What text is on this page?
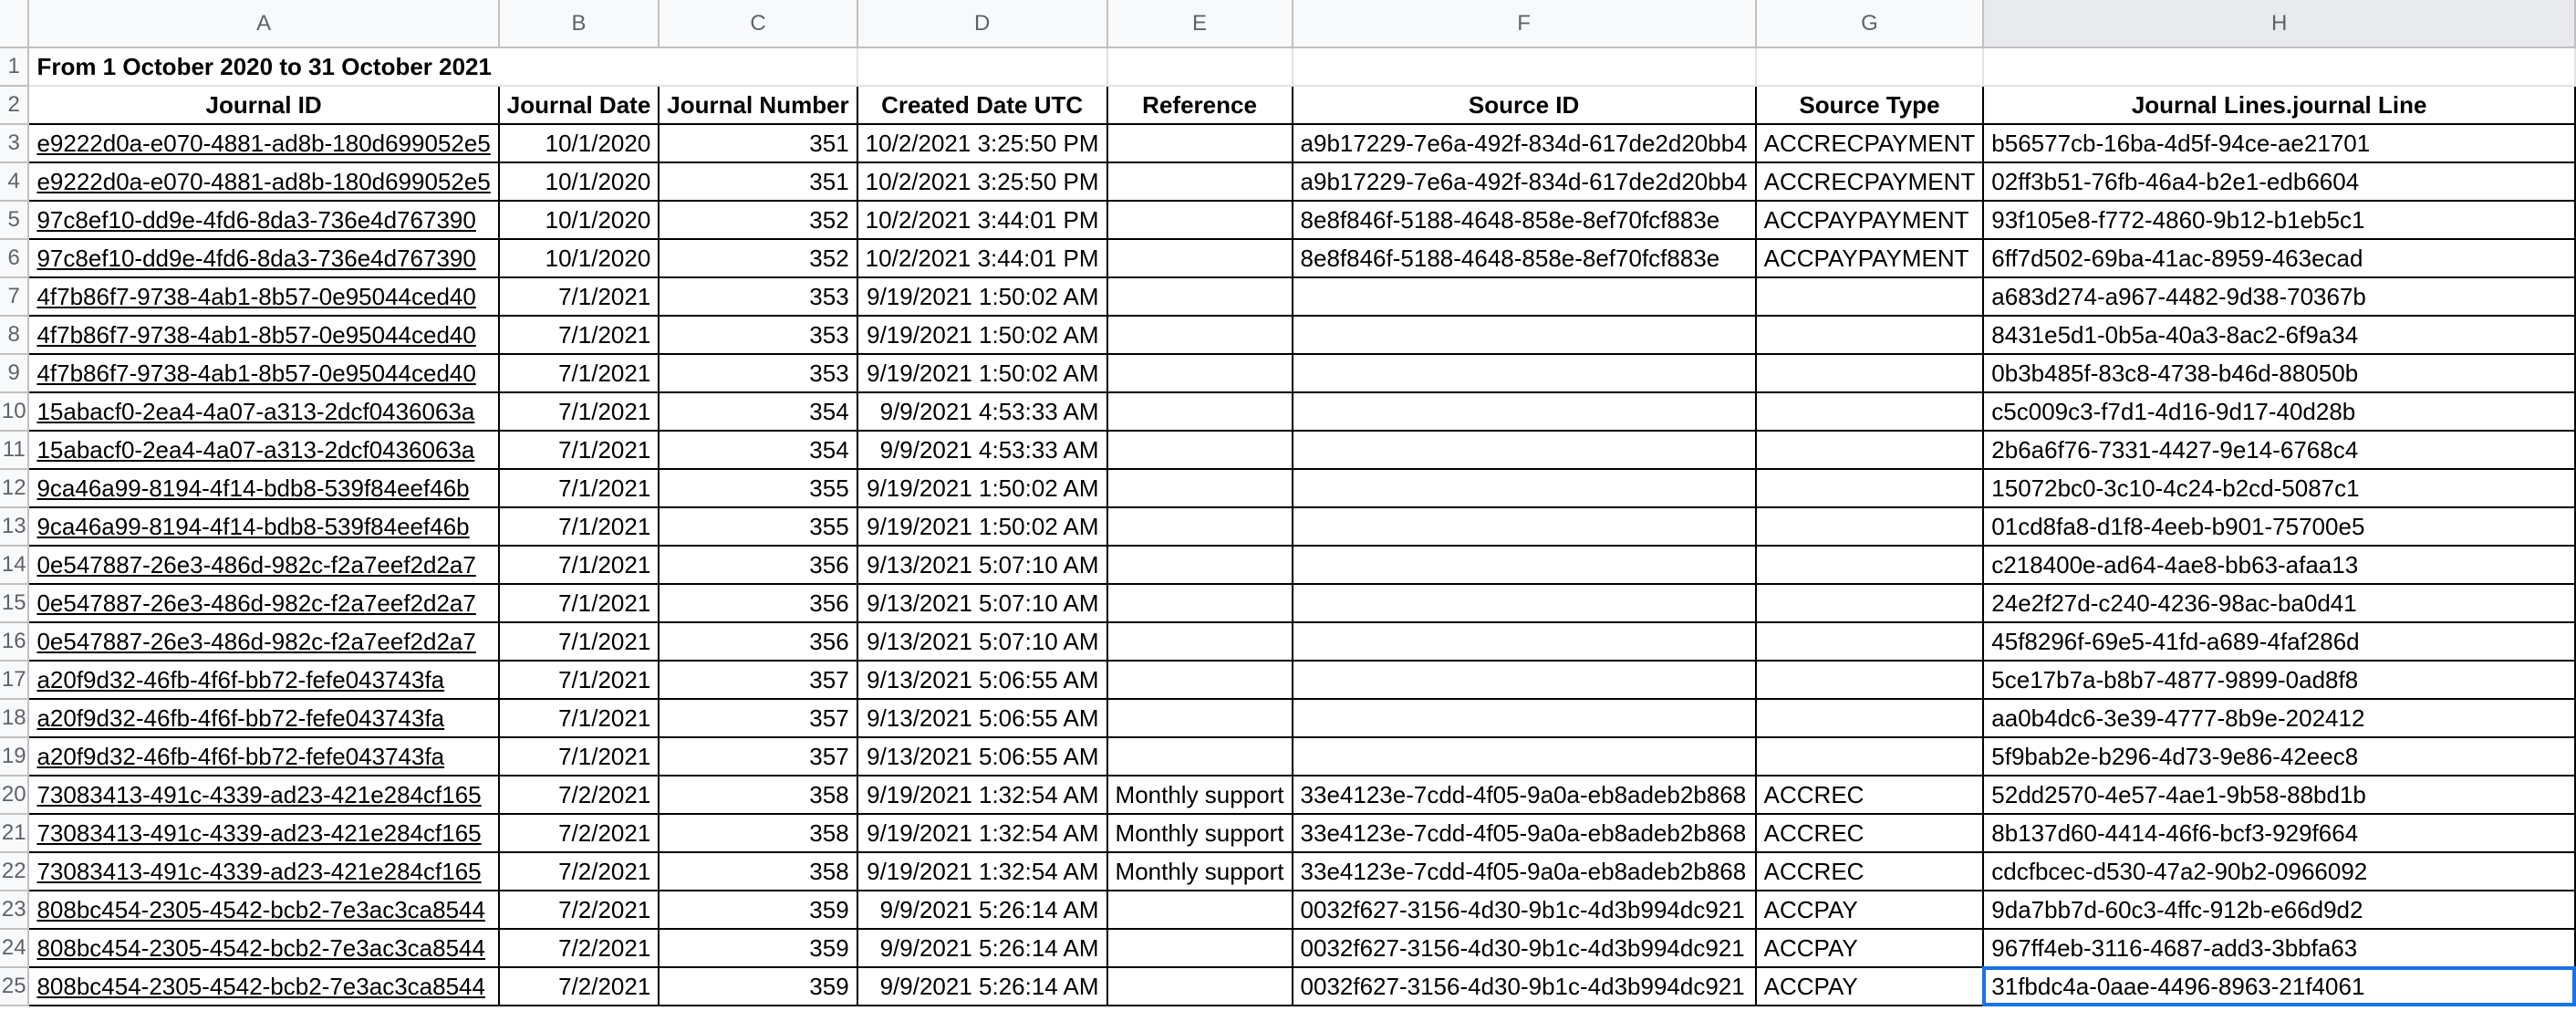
	A	B	C	D	E	F	G	H
1	From 1 October 2020 to 31 October 2021							
2	Journal ID	Journal Date	Journal Number	Created Date UTC	Reference	Source ID	Source Type	Journal Lines.journal Line
3	e9222d0a-e070-4881-ad8b-180d699052e5	10/1/2020	351	10/2/2021 3:25:50 PM		a9b17229-7e6a-492f-834d-617de2d20bb4	ACCRECPAYMENT	b56577cb-16ba-4d5f-94ce-ae21701
4	e9222d0a-e070-4881-ad8b-180d699052e5	10/1/2020	351	10/2/2021 3:25:50 PM		a9b17229-7e6a-492f-834d-617de2d20bb4	ACCRECPAYMENT	02ff3b51-76fb-46a4-b2e1-edb6604
5	97c8ef10-dd9e-4fd6-8da3-736e4d767390	10/1/2020	352	10/2/2021 3:44:01 PM		8e8f846f-5188-4648-858e-8ef70fcf883e	ACCPAYPAYMENT	93f105e8-f772-4860-9b12-b1eb5c1
6	97c8ef10-dd9e-4fd6-8da3-736e4d767390	10/1/2020	352	10/2/2021 3:44:01 PM		8e8f846f-5188-4648-858e-8ef70fcf883e	ACCPAYPAYMENT	6ff7d502-69ba-41ac-8959-463ecad
7	4f7b86f7-9738-4ab1-8b57-0e95044ced40	7/1/2021	353	9/19/2021 1:50:02 AM				a683d274-a967-4482-9d38-70367b
8	4f7b86f7-9738-4ab1-8b57-0e95044ced40	7/1/2021	353	9/19/2021 1:50:02 AM				8431e5d1-0b5a-40a3-8ac2-6f9a34
9	4f7b86f7-9738-4ab1-8b57-0e95044ced40	7/1/2021	353	9/19/2021 1:50:02 AM				0b3b485f-83c8-4738-b46d-88050b
10	15abacf0-2ea4-4a07-a313-2dcf0436063a	7/1/2021	354	9/9/2021 4:53:33 AM				c5c009c3-f7d1-4d16-9d17-40d28b
11	15abacf0-2ea4-4a07-a313-2dcf0436063a	7/1/2021	354	9/9/2021 4:53:33 AM				2b6a6f76-7331-4427-9e14-6768c4
12	9ca46a99-8194-4f14-bdb8-539f84eef46b	7/1/2021	355	9/19/2021 1:50:02 AM				15072bc0-3c10-4c24-b2cd-5087c1
13	9ca46a99-8194-4f14-bdb8-539f84eef46b	7/1/2021	355	9/19/2021 1:50:02 AM				01cd8fa8-d1f8-4eeb-b901-75700e5
14	0e547887-26e3-486d-982c-f2a7eef2d2a7	7/1/2021	356	9/13/2021 5:07:10 AM				c218400e-ad64-4ae8-bb63-afaa13
15	0e547887-26e3-486d-982c-f2a7eef2d2a7	7/1/2021	356	9/13/2021 5:07:10 AM				24e2f27d-c240-4236-98ac-ba0d41
16	0e547887-26e3-486d-982c-f2a7eef2d2a7	7/1/2021	356	9/13/2021 5:07:10 AM				45f8296f-69e5-41fd-a689-4faf286d
17	a20f9d32-46fb-4f6f-bb72-fefe043743fa	7/1/2021	357	9/13/2021 5:06:55 AM				5ce17b7a-b8b7-4877-9899-0ad8f8
18	a20f9d32-46fb-4f6f-bb72-fefe043743fa	7/1/2021	357	9/13/2021 5:06:55 AM				aa0b4dc6-3e39-4777-8b9e-202412
19	a20f9d32-46fb-4f6f-bb72-fefe043743fa	7/1/2021	357	9/13/2021 5:06:55 AM				5f9bab2e-b296-4d73-9e86-42eec8
20	73083413-491c-4339-ad23-421e284cf165	7/2/2021	358	9/19/2021 1:32:54 AM	Monthly support	33e4123e-7cdd-4f05-9a0a-eb8adeb2b868	ACCREC	52dd2570-4e57-4ae1-9b58-88bd1b
21	73083413-491c-4339-ad23-421e284cf165	7/2/2021	358	9/19/2021 1:32:54 AM	Monthly support	33e4123e-7cdd-4f05-9a0a-eb8adeb2b868	ACCREC	8b137d60-4414-46f6-bcf3-929f664
22	73083413-491c-4339-ad23-421e284cf165	7/2/2021	358	9/19/2021 1:32:54 AM	Monthly support	33e4123e-7cdd-4f05-9a0a-eb8adeb2b868	ACCREC	cdcfbcec-d530-47a2-90b2-0966092
23	808bc454-2305-4542-bcb2-7e3ac3ca8544	7/2/2021	359	9/9/2021 5:26:14 AM		0032f627-3156-4d30-9b1c-4d3b994dc921	ACCPAY	9da7bb7d-60c3-4ffc-912b-e66d9d2
24	808bc454-2305-4542-bcb2-7e3ac3ca8544	7/2/2021	359	9/9/2021 5:26:14 AM		0032f627-3156-4d30-9b1c-4d3b994dc921	ACCPAY	967ff4eb-3116-4687-add3-3bbfa63
25	808bc454-2305-4542-bcb2-7e3ac3ca8544	7/2/2021	359	9/9/2021 5:26:14 AM		0032f627-3156-4d30-9b1c-4d3b994dc921	ACCPAY	31fbdc4a-0aae-4496-8963-21f4061
